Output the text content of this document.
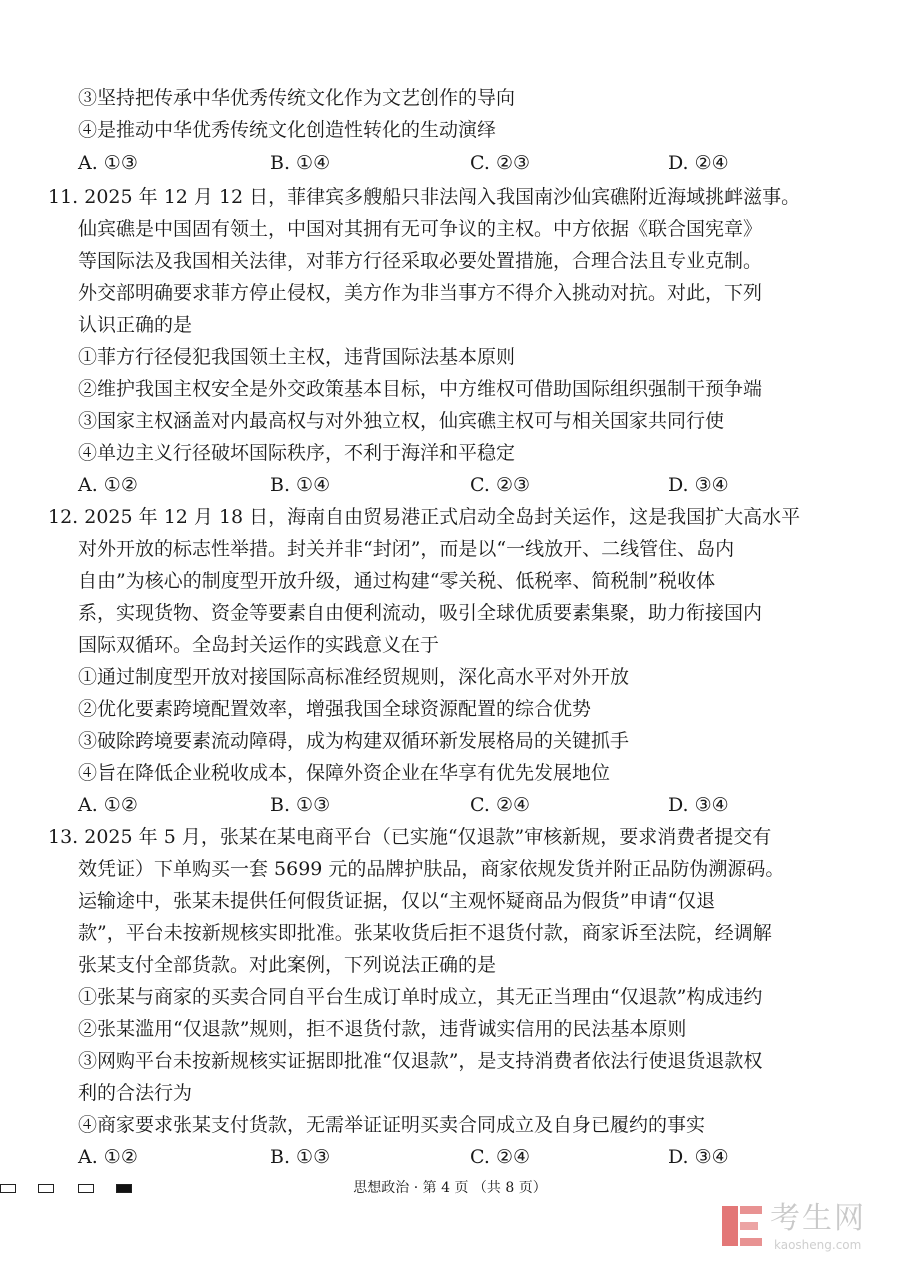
③坚持把传承中华优秀传统文化作为文艺创作的导向
④是推动中华优秀传统文化创造性转化的生动演绎
A. ①③	B. ①④	C. ②③	D. ②④
11. 2025 年 12 月 12 日，菲律宾多艘船只非法闯入我国南沙仙宾礁附近海域挑衅滋事。
仙宾礁是中国固有领土，中国对其拥有无可争议的主权。中方依据《联合国宪章》
等国际法及我国相关法律，对菲方行径采取必要处置措施，合理合法且专业克制。
外交部明确要求菲方停止侵权，美方作为非当事方不得介入挑动对抗。对此，下列
认识正确的是
①菲方行径侵犯我国领土主权，违背国际法基本原则
②维护我国主权安全是外交政策基本目标，中方维权可借助国际组织强制干预争端
③国家主权涵盖对内最高权与对外独立权，仙宾礁主权可与相关国家共同行使
④单边主义行径破坏国际秩序，不利于海洋和平稳定
A. ①②	B. ①④	C. ②③	D. ③④
12. 2025 年 12 月 18 日，海南自由贸易港正式启动全岛封关运作，这是我国扩大高水平
对外开放的标志性举措。封关并非“封闭”，而是以“一线放开、二线管住、岛内
自由”为核心的制度型开放升级，通过构建“零关税、低税率、简税制”税收体
系，实现货物、资金等要素自由便利流动，吸引全球优质要素集聚，助力衔接国内
国际双循环。全岛封关运作的实践意义在于
①通过制度型开放对接国际高标准经贸规则，深化高水平对外开放
②优化要素跨境配置效率，增强我国全球资源配置的综合优势
③破除跨境要素流动障碍，成为构建双循环新发展格局的关键抓手
④旨在降低企业税收成本，保障外资企业在华享有优先发展地位
A. ①②	B. ①③	C. ②④	D. ③④
13. 2025 年 5 月，张某在某电商平台（已实施“仅退款”审核新规，要求消费者提交有
效凭证）下单购买一套 5699 元的品牌护肤品，商家依规发货并附正品防伪溯源码。
运输途中，张某未提供任何假货证据，仅以“主观怀疑商品为假货”申请“仅退
款”，平台未按新规核实即批准。张某收货后拒不退货付款，商家诉至法院，经调解
张某支付全部货款。对此案例，下列说法正确的是
①张某与商家的买卖合同自平台生成订单时成立，其无正当理由“仅退款”构成违约
②张某滥用“仅退款”规则，拒不退货付款，违背诚实信用的民法基本原则
③网购平台未按新规核实证据即批准“仅退款”，是支持消费者依法行使退货退款权
利的合法行为
④商家要求张某支付货款，无需举证证明买卖合同成立及自身已履约的事实
A. ①②	B. ①③	C. ②④	D. ③④
思想政治 · 第 4 页 （共 8 页）
考生网
kaosheng.com
